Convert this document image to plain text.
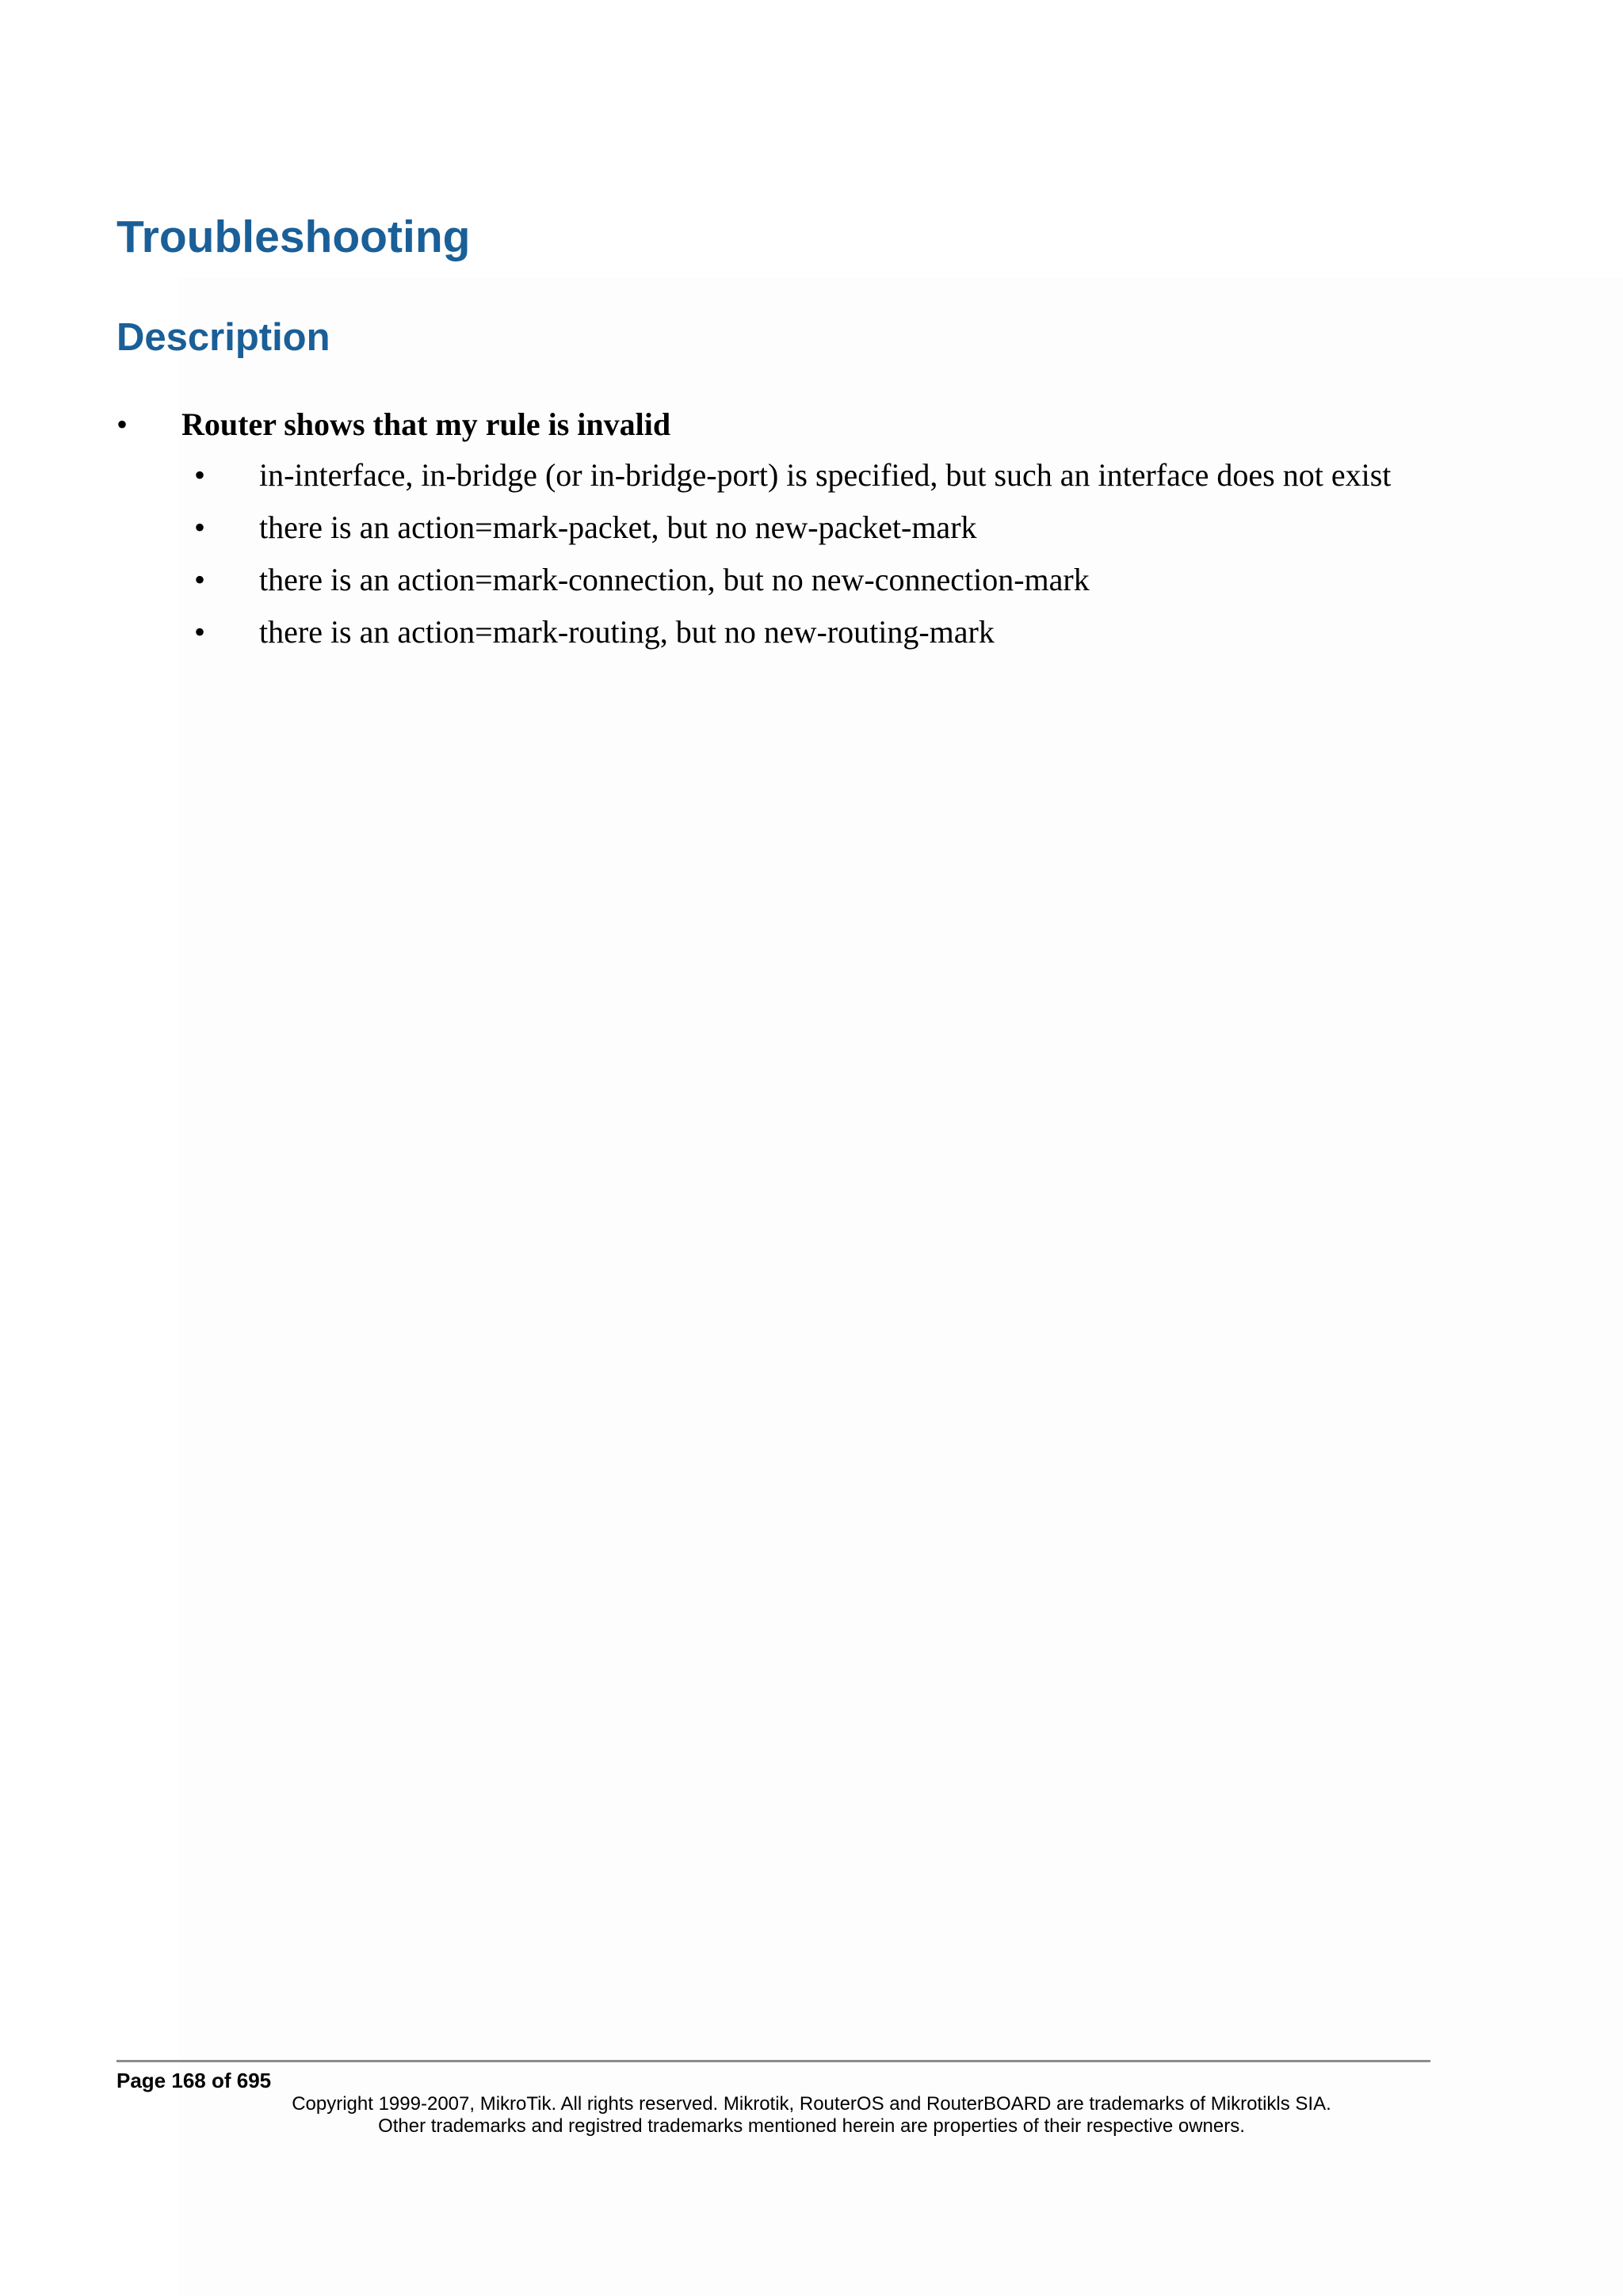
Troubleshooting
Description
• Router shows that my rule is invalid
• in-interface, in-bridge (or in-bridge-port) is specified, but such an interface does not exist
• there is an action=mark-packet, but no new-packet-mark
• there is an action=mark-connection, but no new-connection-mark
• there is an action=mark-routing, but no new-routing-mark
Page 168 of 695
Copyright 1999-2007, MikroTik. All rights reserved. Mikrotik, RouterOS and RouterBOARD are trademarks of Mikrotikls SIA.
Other trademarks and registred trademarks mentioned herein are properties of their respective owners.
